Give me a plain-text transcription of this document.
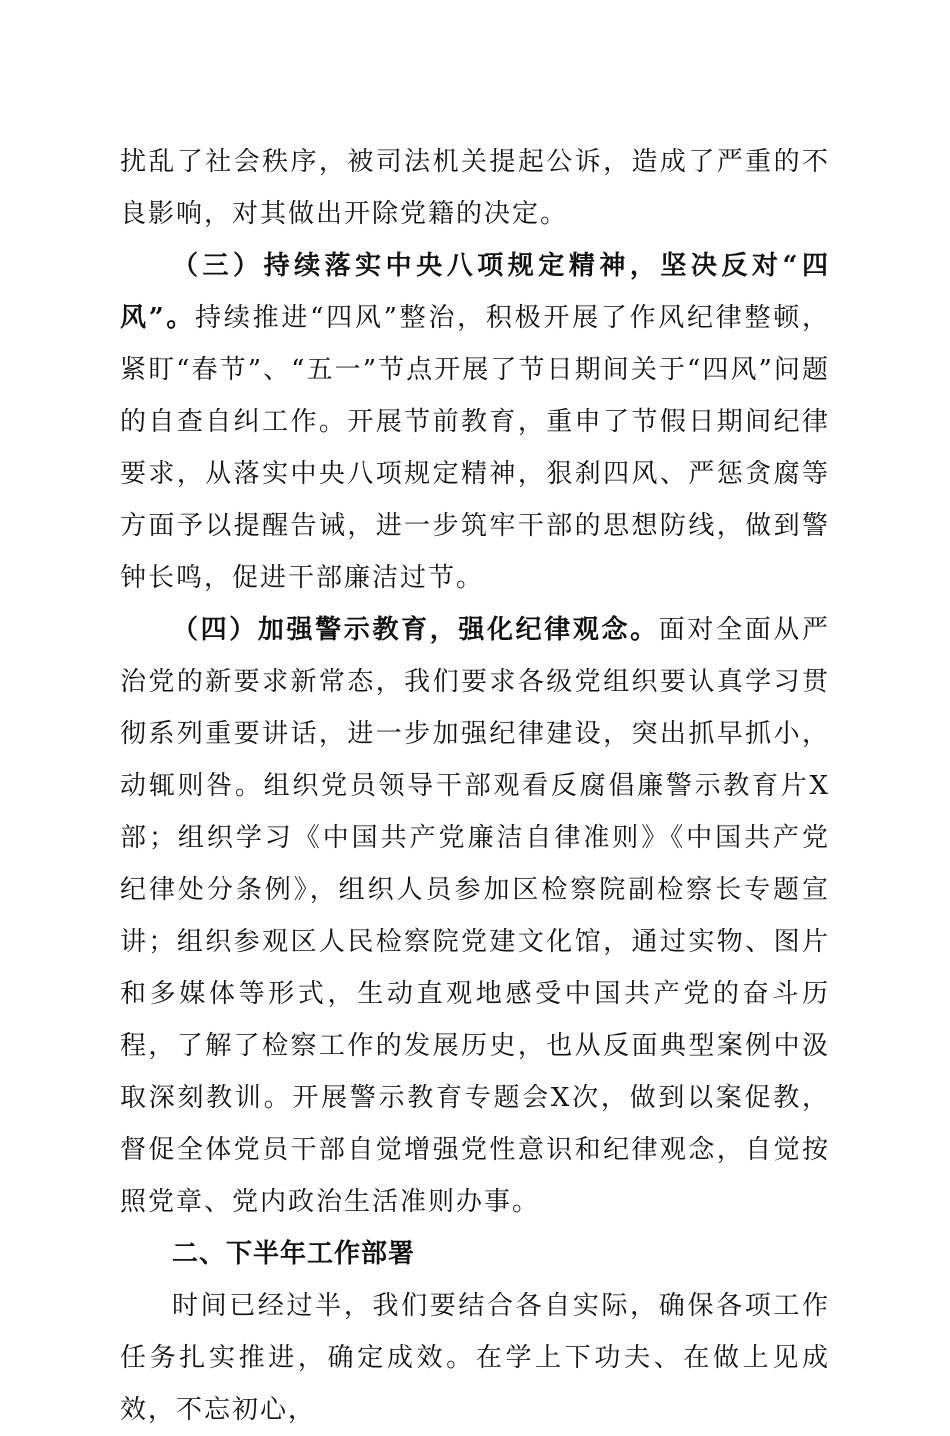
扰乱了社会秩序，被司法机关提起公诉，造成了严重的不良影响，对其做出开除党籍的决定。

（三）持续落实中央八项规定精神，坚决反对“四风”。持续推进“四风”整治，积极开展了作风纪律整顿，紧盯“春节”、“五一”节点开展了节日期间关于“四风”问题的自查自纠工作。开展节前教育，重申了节假日期间纪律要求，从落实中央八项规定精神，狠刹四风、严惩贪腐等方面予以提醒告诫，进一步筑牢干部的思想防线，做到警钟长鸣，促进干部廉洁过节。

（四）加强警示教育，强化纪律观念。面对全面从严治党的新要求新常态，我们要求各级党组织要认真学习贯彻系列重要讲话，进一步加强纪律建设，突出抓早抓小，动辄则咎。组织党员领导干部观看反腐倡廉警示教育片X部；组织学习《中国共产党廉洁自律准则》《中国共产党纪律处分条例》，组织人员参加区检察院副检察长专题宣讲；组织参观区人民检察院党建文化馆，通过实物、图片和多媒体等形式，生动直观地感受中国共产党的奋斗历程，了解了检察工作的发展历史，也从反面典型案例中汲取深刻教训。开展警示教育专题会X次，做到以案促教，督促全体党员干部自觉增强党性意识和纪律观念，自觉按照党章、党内政治生活准则办事。

二、下半年工作部署

时间已经过半，我们要结合各自实际，确保各项工作任务扎实推进，确定成效。在学上下功夫、在做上见成效，不忘初心，
